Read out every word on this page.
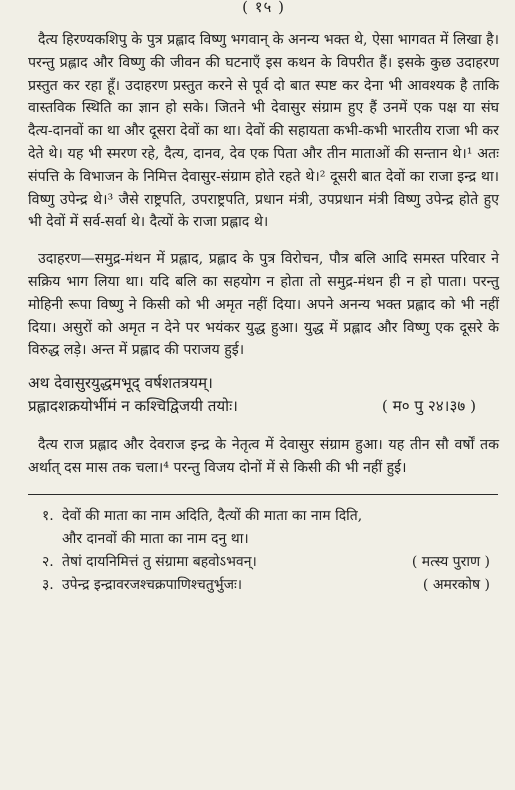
( १५ )

दैत्य हिरण्यकशिपु के पुत्र प्रह्लाद विष्णु भगवान् के अनन्य भक्त थे, ऐसा भागवत में लिखा है। परन्तु प्रह्लाद और विष्णु की जीवन की घटनाएँ इस कथन के विपरीत हैं। इसके कुछ उदाहरण प्रस्तुत कर रहा हूँ। उदाहरण प्रस्तुत करने से पूर्व दो बात स्पष्ट कर देना भी आवश्यक है ताकि वास्तविक स्थिति का ज्ञान हो सके। जितने भी देवासुर संग्राम हुए हैं उनमें एक पक्ष या संघ दैत्य-दानवों का था और दूसरा देवों का था। देवों की सहायता कभी-कभी भारतीय राजा भी कर देते थे। यह भी स्मरण रहे, दैत्य, दानव, देव एक पिता और तीन माताओं की सन्तान थे।¹ अतः संपत्ति के विभाजन के निमित्त देवासुर-संग्राम होते रहते थे।² दूसरी बात देवों का राजा इन्द्र था। विष्णु उपेन्द्र थे।³ जैसे राष्ट्रपति, उपराष्ट्रपति, प्रधान मंत्री, उपप्रधान मंत्री विष्णु उपेन्द्र होते हुए भी देवों में सर्व-सर्वा थे। दैत्यों के राजा प्रह्लाद थे।

उदाहरण—समुद्र-मंथन में प्रह्लाद, प्रह्लाद के पुत्र विरोचन, पौत्र बलि आदि समस्त परिवार ने सक्रिय भाग लिया था। यदि बलि का सहयोग न होता तो समुद्र-मंथन ही न हो पाता। परन्तु मोहिनी रूपा विष्णु ने किसी को भी अमृत नहीं दिया। अपने अनन्य भक्त प्रह्लाद को भी नहीं दिया। असुरों को अमृत न देने पर भयंकर युद्ध हुआ। युद्ध में प्रह्लाद और विष्णु एक दूसरे के विरुद्ध लड़े। अन्त में प्रह्लाद की पराजय हुई।

अथ देवासुरयुद्धमभूद् वर्षशतत्रयम्।
प्रह्लादशक्रयोर्भीमं न कश्चिद्विजयी तयोः।	( म० पु २४।३७ )

दैत्य राज प्रह्लाद और देवराज इन्द्र के नेतृत्व में देवासुर संग्राम हुआ। यह तीन सौ वर्षों तक अर्थात् दस मास तक चला।⁴ परन्तु विजय दोनों में से किसी की भी नहीं हुई।

१. देवों की माता का नाम अदिति, दैत्यों की माता का नाम दिति,
और दानवों की माता का नाम दनु था।
२. तेषां दायनिमित्तं तु संग्रामा बहवोऽभवन्।	( मत्स्य पुराण )
३. उपेन्द्र इन्द्रावरजश्चक्रपाणिश्चतुर्भुजः।	( अमरकोष )
